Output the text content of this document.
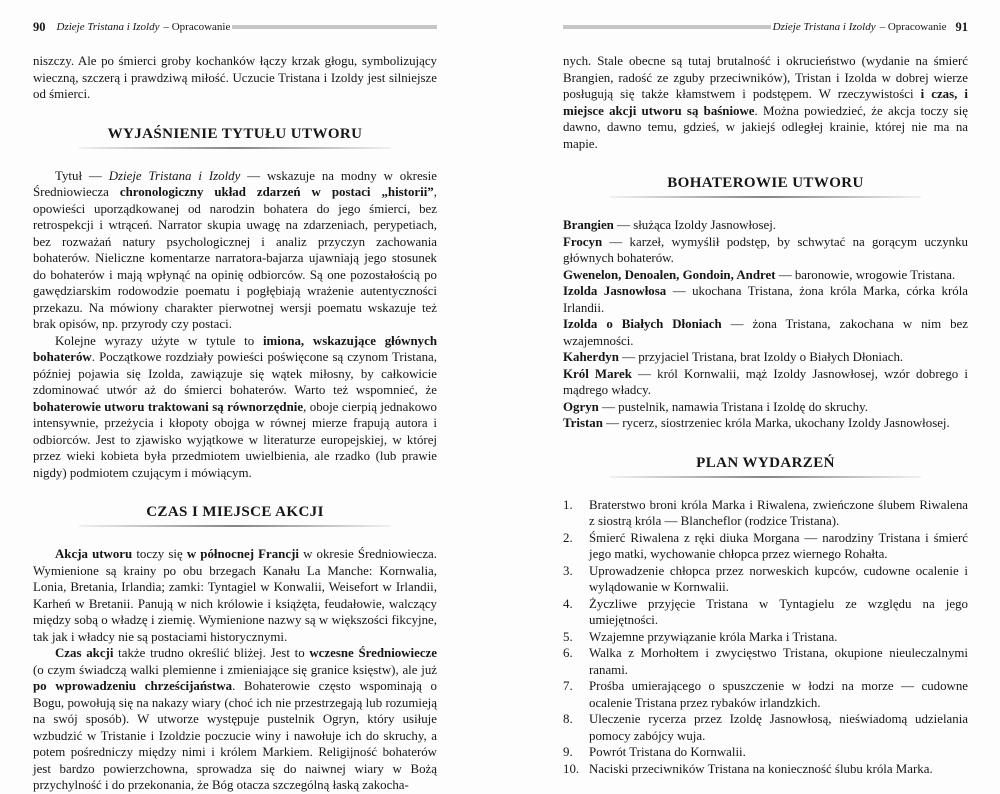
90 Dzieje Tristana i Izoldy – Opracowanie

niszczy. Ale po śmierci groby kochanków łączy krzak głogu, symbolizujący wieczną, szczerą i prawdziwą miłość. Uczucie Tristana i Izoldy jest silniejsze od śmierci.

WYJAŚNIENIE TYTUŁU UTWORU

Tytuł — Dzieje Tristana i Izoldy — wskazuje na modny w okresie Średniowiecza chronologiczny układ zdarzeń w postaci „historii”, opowieści uporządkowanej od narodzin bohatera do jego śmierci, bez retrospekcji i wtrąceń. Narrator skupia uwagę na zdarzeniach, perypetiach, bez rozważań natury psychologicznej i analiz przyczyn zachowania bohaterów. Nieliczne komentarze narratora-bajarza ujawniają jego stosunek do bohaterów i mają wpłynąć na opinię odbiorców. Są one pozostałością po gawędziarskim rodowodzie poematu i pogłębiają wrażenie autentyczności przekazu. Na mówiony charakter pierwotnej wersji poematu wskazuje też brak opisów, np. przyrody czy postaci.

Kolejne wyrazy użyte w tytule to imiona, wskazujące głównych bohaterów. Początkowe rozdziały powieści poświęcone są czynom Tristana, później pojawia się Izolda, zawiązuje się wątek miłosny, by całkowicie zdominować utwór aż do śmierci bohaterów. Warto też wspomnieć, że bohaterowie utworu traktowani są równorzędnie, oboje cierpią jednakowo intensywnie, przeżycia i kłopoty obojga w równej mierze frapują autora i odbiorców. Jest to zjawisko wyjątkowe w literaturze europejskiej, w której przez wieki kobieta była przedmiotem uwielbienia, ale rzadko (lub prawie nigdy) podmiotem czującym i mówiącym.

CZAS I MIEJSCE AKCJI

Akcja utworu toczy się w północnej Francji w okresie Średniowiecza. Wymienione są krainy po obu brzegach Kanału La Manche: Kornwalia, Lonia, Bretania, Irlandia; zamki: Tyntagiel w Konwalii, Weisefort w Irlandii, Karheń w Bretanii. Panują w nich królowie i książęta, feudałowie, walczący między sobą o władzę i ziemię. Wymienione nazwy są w większości fikcyjne, tak jak i władcy nie są postaciami historycznymi.

Czas akcji także trudno określić bliżej. Jest to wczesne Średniowiecze (o czym świadczą walki plemienne i zmieniające się granice księstw), ale już po wprowadzeniu chrześcijaństwa. Bohaterowie często wspominają o Bogu, powołują się na nakazy wiary (choć ich nie przestrzegają lub rozumieją na swój sposób). W utworze występuje pustelnik Ogryn, który usiłuje wzbudzić w Tristanie i Izoldzie poczucie winy i nawołuje ich do skruchy, a potem pośredniczy między nimi i królem Markiem. Religijność bohaterów jest bardzo powierzchowna, sprowadza się do naiwnej wiary w Bożą przychylność i do przekonania, że Bóg otacza szczególną łaską zakocha-

Dzieje Tristana i Izoldy – Opracowanie 91

nych. Stale obecne są tutaj brutalność i okrucieństwo (wydanie na śmierć Brangien, radość ze zguby przeciwników), Tristan i Izolda w dobrej wierze posługują się także kłamstwem i podstępem. W rzeczywistości i czas, i miejsce akcji utworu są baśniowe. Można powiedzieć, że akcja toczy się dawno, dawno temu, gdzieś, w jakiejś odległej krainie, której nie ma na mapie.

BOHATEROWIE UTWORU
Brangien — służąca Izoldy Jasnowłosej.
Frocyn — karzeł, wymyślił podstęp, by schwytać na gorącym uczynku głównych bohaterów.
Gwenelon, Denoalen, Gondoin, Andret — baronowie, wrogowie Tristana.
Izolda Jasnowłosa — ukochana Tristana, żona króla Marka, córka króla Irlandii.
Izolda o Białych Dłoniach — żona Tristana, zakochana w nim bez wzajemności.
Kaherdyn — przyjaciel Tristana, brat Izoldy o Białych Dłoniach.
Król Marek — król Kornwalii, mąż Izoldy Jasnowłosej, wzór dobrego i mądrego władcy.
Ogryn — pustelnik, namawia Tristana i Izoldę do skruchy.
Tristan — rycerz, siostrzeniec króla Marka, ukochany Izoldy Jasnowłosej.
PLAN WYDARZEŃ
1.	Braterstwo broni króla Marka i Riwalena, zwieńczone ślubem Riwalena z siostrą króla — Blancheflor (rodzice Tristana).
2.	Śmierć Riwalena z ręki diuka Morgana — narodziny Tristana i śmierć jego matki, wychowanie chłopca przez wiernego Rohałta.
3.	Uprowadzenie chłopca przez norweskich kupców, cudowne ocalenie i wylądowanie w Kornwalii.
4.	Życzliwe przyjęcie Tristana w Tyntagielu ze względu na jego umiejętności.
5.	Wzajemne przywiązanie króla Marka i Tristana.
6.	Walka z Morhołtem i zwycięstwo Tristana, okupione nieuleczalnymi ranami.
7.	Prośba umierającego o spuszczenie w łodzi na morze — cudowne ocalenie Tristana przez rybaków irlandzkich.
8.	Uleczenie rycerza przez Izoldę Jasnowłosą, nieświadomą udzielania pomocy zabójcy wuja.
9.	Powrót Tristana do Kornwalii.
10. Naciski przeciwników Tristana na konieczność ślubu króla Marka.
